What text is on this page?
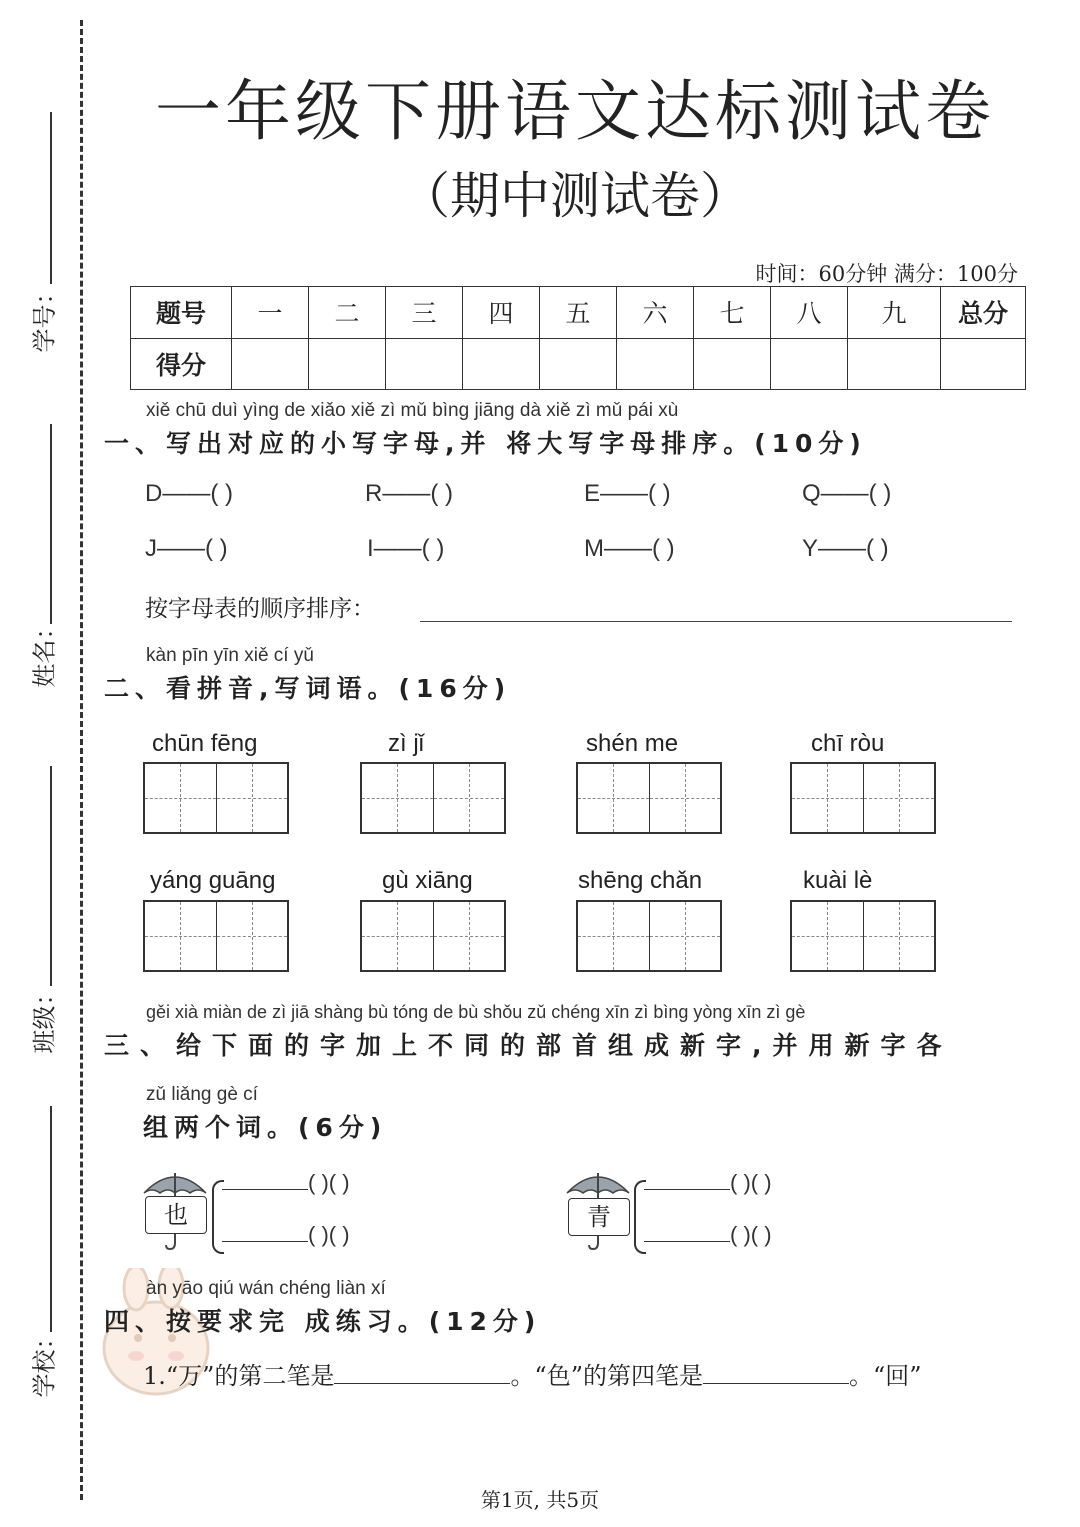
学号：
姓名：
班级：
学校：
一年级下册语文达标测试卷
（期中测试卷）
时间：60分钟 满分：100分
题号	一	二	三	四	五	六	七	八	九	总分
得分										
xiě chū duì yìng de xiǎo xiě zì mǔ bìng jiāng dà xiě zì mǔ pái xù
一、写出对应的小写字母,并 将大写字母排序。(10分)
D——( )	R——( )	E——( )	Q——( )
J——( )	I——( )	M——( )	Y——( )
按字母表的顺序排序：
kàn pīn yīn xiě cí yǔ
二、看拼音,写词语。(16分)
chūn fēng	zì jǐ	shén me	chī ròu
yáng guāng	gù xiāng	shēng chǎn	kuài lè
gěi xià miàn de zì jiā shàng bù tóng de bù shǒu zǔ chéng xīn zì bìng yòng xīn zì gè
三、给下面的字加上不同的部首组成新字,并用新字各
zǔ liǎng gè cí
组两个词。(6分)
也
( )( )
( )( )
青
( )( )
( )( )
àn yāo qiú wán chéng liàn xí
四、按要求完 成练习。(12分)
1.“万”的第二笔是	。“色”的第四笔是	。“回”
第1页, 共5页
